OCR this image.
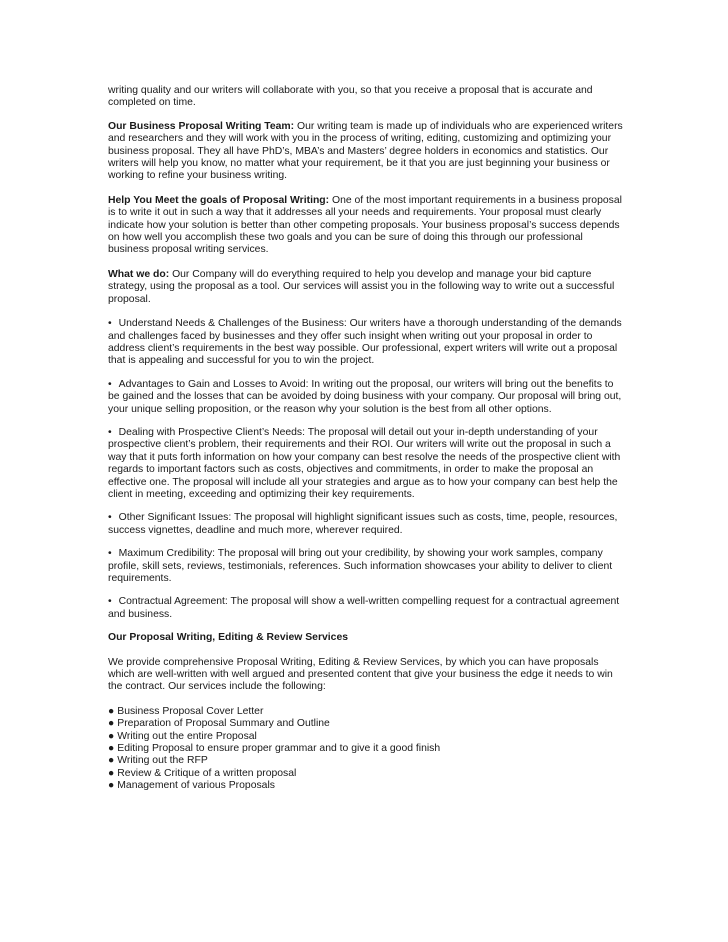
writing quality and our writers will collaborate with you, so that you receive a proposal that is accurate and completed on time.

Our Business Proposal Writing Team: Our writing team is made up of individuals who are experienced writers and researchers and they will work with you in the process of writing, editing, customizing and optimizing your business proposal. They all have PhD’s, MBA’s and Masters’ degree holders in economics and statistics. Our writers will help you know, no matter what your requirement, be it that you are just beginning your business or working to refine your business writing.

Help You Meet the goals of Proposal Writing: One of the most important requirements in a business proposal is to write it out in such a way that it addresses all your needs and requirements. Your proposal must clearly indicate how your solution is better than other competing proposals. Your business proposal’s success depends on how well you accomplish these two goals and you can be sure of doing this through our professional business proposal writing services.

What we do: Our Company will do everything required to help you develop and manage your bid capture strategy, using the proposal as a tool. Our services will assist you in the following way to write out a successful proposal.

• Understand Needs & Challenges of the Business: Our writers have a thorough understanding of the demands and challenges faced by businesses and they offer such insight when writing out your proposal in order to address client’s requirements in the best way possible. Our professional, expert writers will write out a proposal that is appealing and successful for you to win the project.

• Advantages to Gain and Losses to Avoid: In writing out the proposal, our writers will bring out the benefits to be gained and the losses that can be avoided by doing business with your company. Our proposal will bring out, your unique selling proposition, or the reason why your solution is the best from all other options.

• Dealing with Prospective Client’s Needs: The proposal will detail out your in-depth understanding of your prospective client’s problem, their requirements and their ROI. Our writers will write out the proposal in such a way that it puts forth information on how your company can best resolve the needs of the prospective client with regards to important factors such as costs, objectives and commitments, in order to make the proposal an effective one. The proposal will include all your strategies and argue as to how your company can best help the client in meeting, exceeding and optimizing their key requirements.

• Other Significant Issues: The proposal will highlight significant issues such as costs, time, people, resources, success vignettes, deadline and much more, wherever required.

• Maximum Credibility: The proposal will bring out your credibility, by showing your work samples, company profile, skill sets, reviews, testimonials, references. Such information showcases your ability to deliver to client requirements.

• Contractual Agreement: The proposal will show a well-written compelling request for a contractual agreement and business.

Our Proposal Writing, Editing & Review Services

We provide comprehensive Proposal Writing, Editing & Review Services, by which you can have proposals which are well-written with well argued and presented content that give your business the edge it needs to win the contract. Our services include the following:

● Business Proposal Cover Letter
● Preparation of Proposal Summary and Outline
● Writing out the entire Proposal
● Editing Proposal to ensure proper grammar and to give it a good finish
● Writing out the RFP
● Review & Critique of a written proposal
● Management of various Proposals
